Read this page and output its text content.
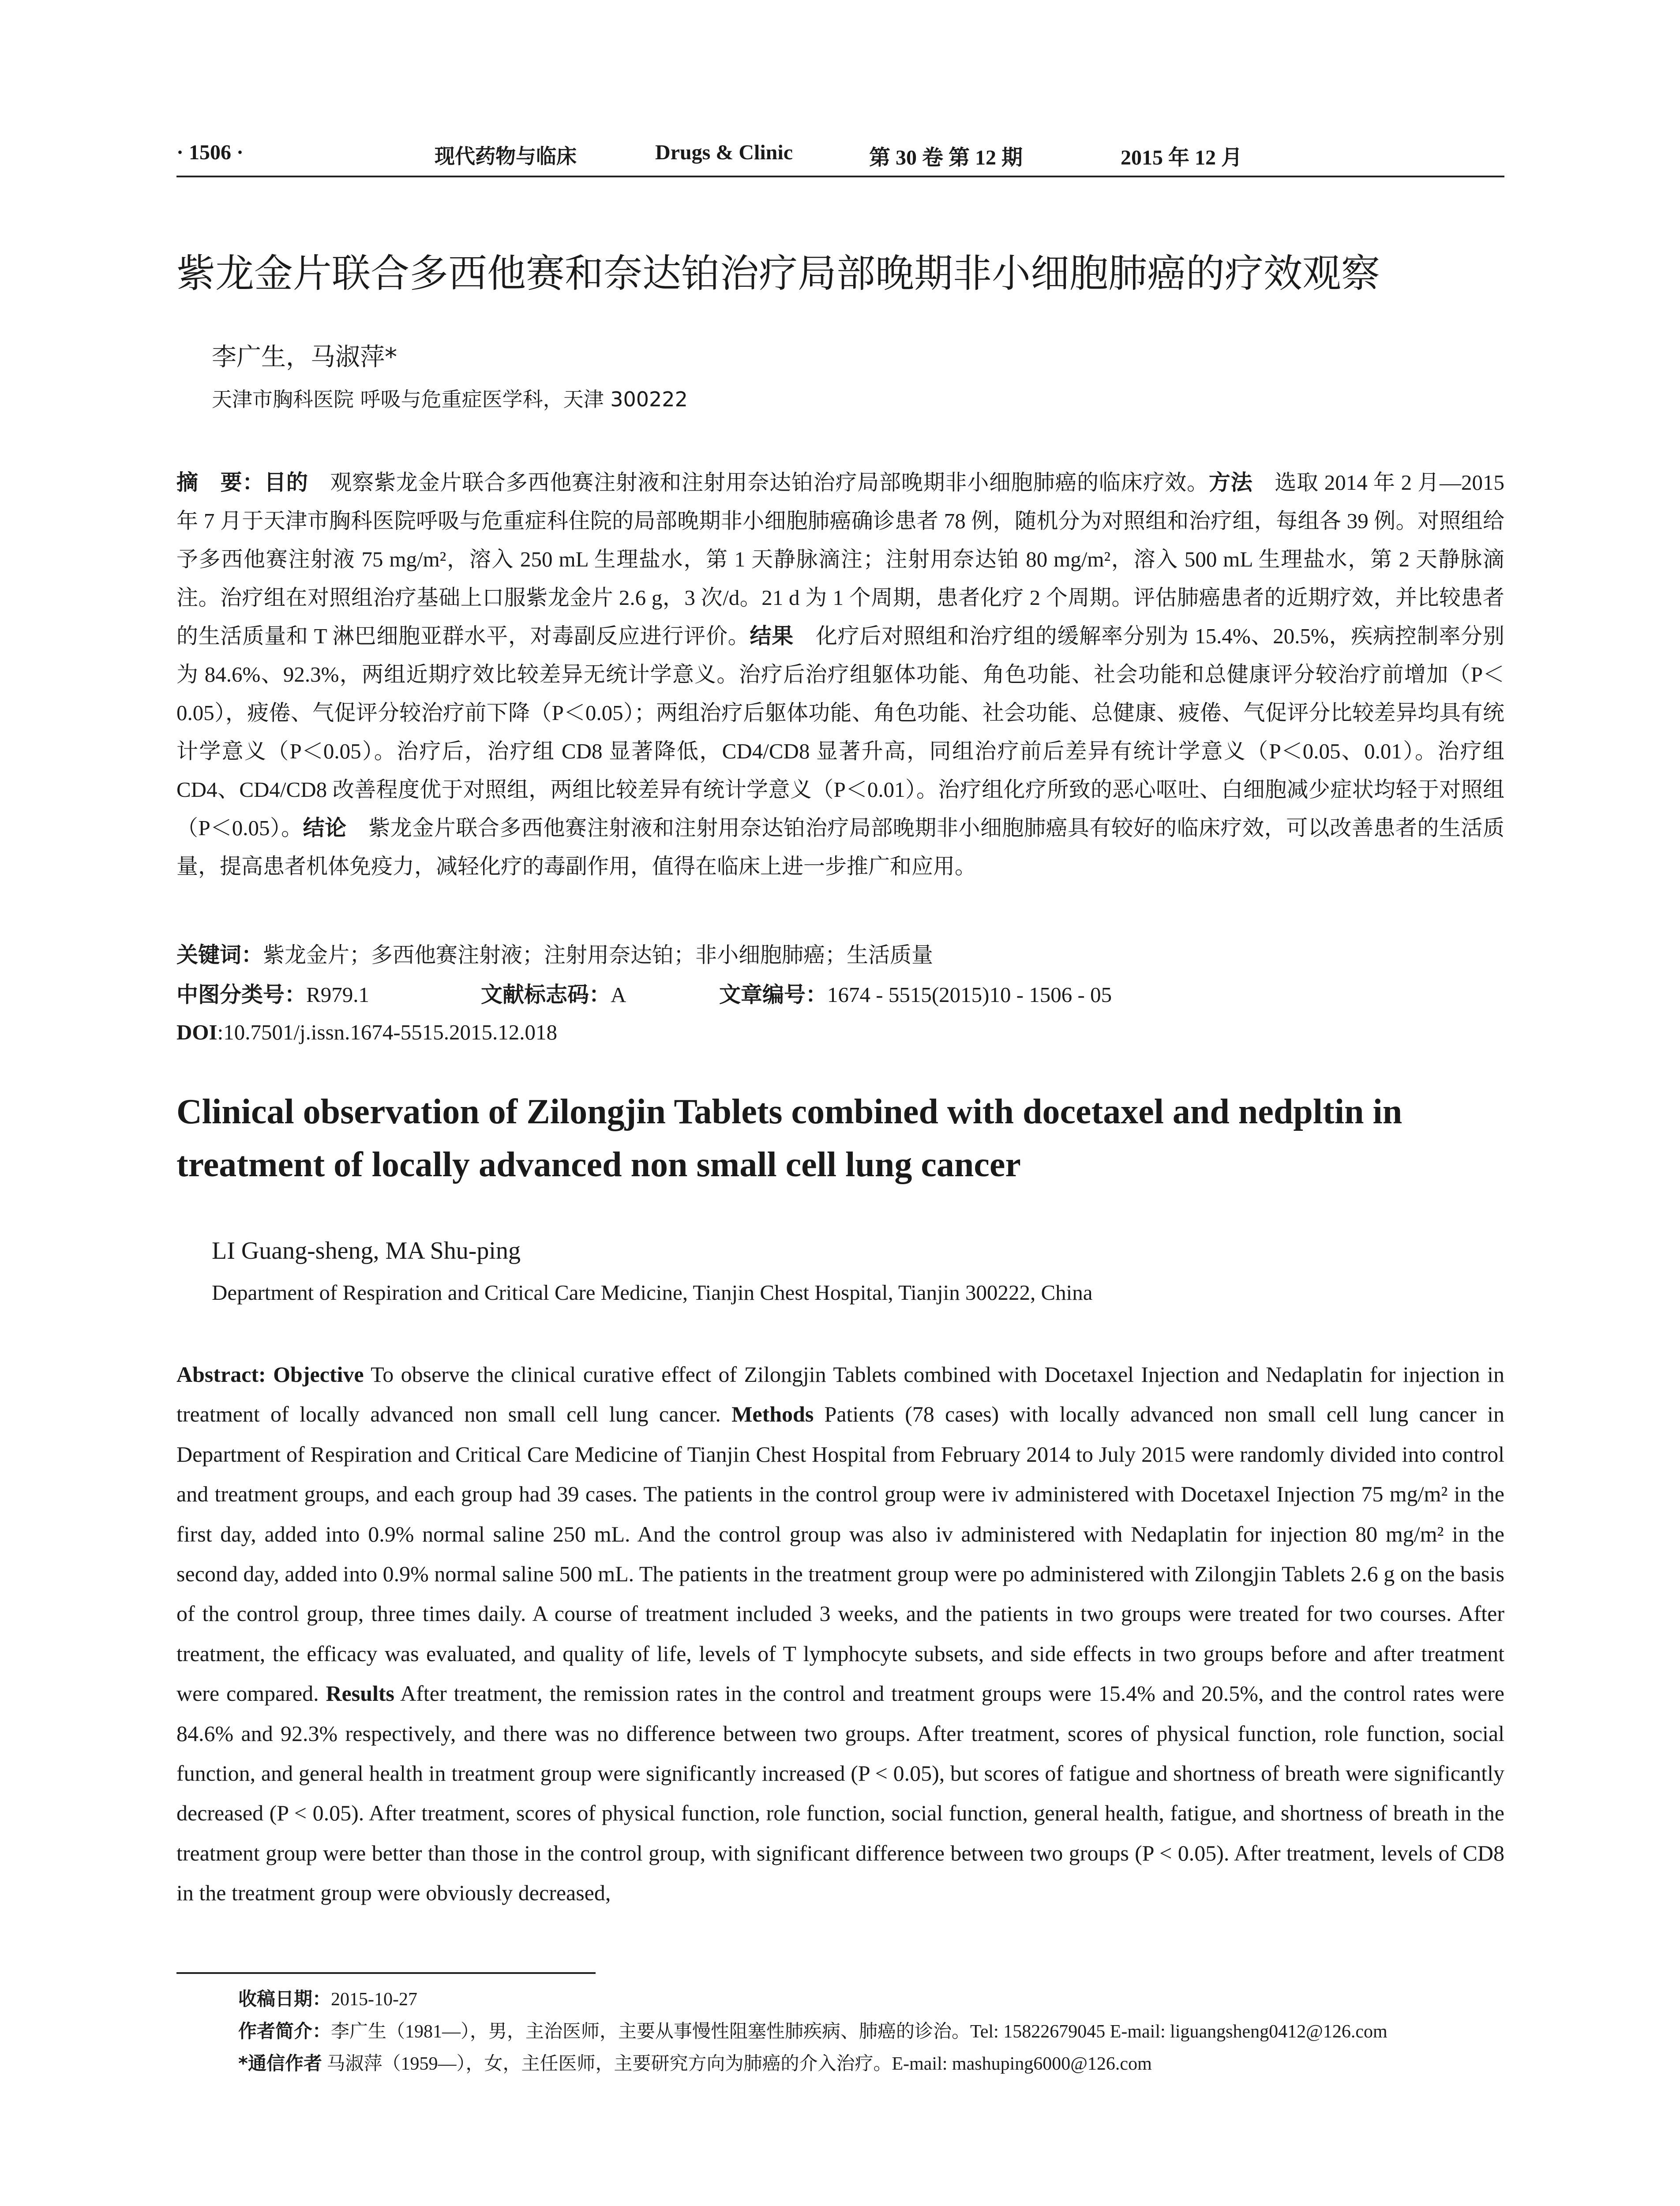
· 1506 ·	现代药物与临床	Drugs & Clinic	第 30 卷 第 12 期	2015 年 12 月
紫龙金片联合多西他赛和奈达铂治疗局部晚期非小细胞肺癌的疗效观察
李广生，马淑萍*
天津市胸科医院 呼吸与危重症医学科，天津 300222
摘　要：目的　观察紫龙金片联合多西他赛注射液和注射用奈达铂治疗局部晚期非小细胞肺癌的临床疗效。方法　选取 2014 年 2 月—2015 年 7 月于天津市胸科医院呼吸与危重症科住院的局部晚期非小细胞肺癌确诊患者 78 例，随机分为对照组和治疗组，每组各 39 例。对照组给予多西他赛注射液 75 mg/m²，溶入 250 mL 生理盐水，第 1 天静脉滴注；注射用奈达铂 80 mg/m²，溶入 500 mL 生理盐水，第 2 天静脉滴注。治疗组在对照组治疗基础上口服紫龙金片 2.6 g，3 次/d。21 d 为 1 个周期，患者化疗 2 个周期。评估肺癌患者的近期疗效，并比较患者的生活质量和 T 淋巴细胞亚群水平，对毒副反应进行评价。结果　化疗后对照组和治疗组的缓解率分别为 15.4%、20.5%，疾病控制率分别为 84.6%、92.3%，两组近期疗效比较差异无统计学意义。治疗后治疗组躯体功能、角色功能、社会功能和总健康评分较治疗前增加（P＜0.05），疲倦、气促评分较治疗前下降（P＜0.05）；两组治疗后躯体功能、角色功能、社会功能、总健康、疲倦、气促评分比较差异均具有统计学意义（P＜0.05）。治疗后，治疗组 CD8 显著降低，CD4/CD8 显著升高，同组治疗前后差异有统计学意义（P＜0.05、0.01）。治疗组 CD4、CD4/CD8 改善程度优于对照组，两组比较差异有统计学意义（P＜0.01）。治疗组化疗所致的恶心呕吐、白细胞减少症状均轻于对照组（P＜0.05）。结论　紫龙金片联合多西他赛注射液和注射用奈达铂治疗局部晚期非小细胞肺癌具有较好的临床疗效，可以改善患者的生活质量，提高患者机体免疫力，减轻化疗的毒副作用，值得在临床上进一步推广和应用。
关键词：紫龙金片；多西他赛注射液；注射用奈达铂；非小细胞肺癌；生活质量
中图分类号：R979.1	文献标志码：A	文章编号：1674 - 5515(2015)10 - 1506 - 05
DOI:10.7501/j.issn.1674-5515.2015.12.018
Clinical observation of Zilongjin Tablets combined with docetaxel and nedpltin in treatment of locally advanced non small cell lung cancer
LI Guang-sheng, MA Shu-ping
Department of Respiration and Critical Care Medicine, Tianjin Chest Hospital, Tianjin 300222, China
Abstract: Objective To observe the clinical curative effect of Zilongjin Tablets combined with Docetaxel Injection and Nedaplatin for injection in treatment of locally advanced non small cell lung cancer. Methods Patients (78 cases) with locally advanced non small cell lung cancer in Department of Respiration and Critical Care Medicine of Tianjin Chest Hospital from February 2014 to July 2015 were randomly divided into control and treatment groups, and each group had 39 cases. The patients in the control group were iv administered with Docetaxel Injection 75 mg/m² in the first day, added into 0.9% normal saline 250 mL. And the control group was also iv administered with Nedaplatin for injection 80 mg/m² in the second day, added into 0.9% normal saline 500 mL. The patients in the treatment group were po administered with Zilongjin Tablets 2.6 g on the basis of the control group, three times daily. A course of treatment included 3 weeks, and the patients in two groups were treated for two courses. After treatment, the efficacy was evaluated, and quality of life, levels of T lymphocyte subsets, and side effects in two groups before and after treatment were compared. Results After treatment, the remission rates in the control and treatment groups were 15.4% and 20.5%, and the control rates were 84.6% and 92.3% respectively, and there was no difference between two groups. After treatment, scores of physical function, role function, social function, and general health in treatment group were significantly increased (P < 0.05), but scores of fatigue and shortness of breath were significantly decreased (P < 0.05). After treatment, scores of physical function, role function, social function, general health, fatigue, and shortness of breath in the treatment group were better than those in the control group, with significant difference between two groups (P < 0.05). After treatment, levels of CD8 in the treatment group were obviously decreased,
收稿日期：2015-10-27
作者简介：李广生（1981—），男，主治医师，主要从事慢性阻塞性肺疾病、肺癌的诊治。Tel: 15822679045 E-mail: liguangsheng0412@126.com
*通信作者 马淑萍（1959—），女，主任医师，主要研究方向为肺癌的介入治疗。E-mail: mashuping6000@126.com
